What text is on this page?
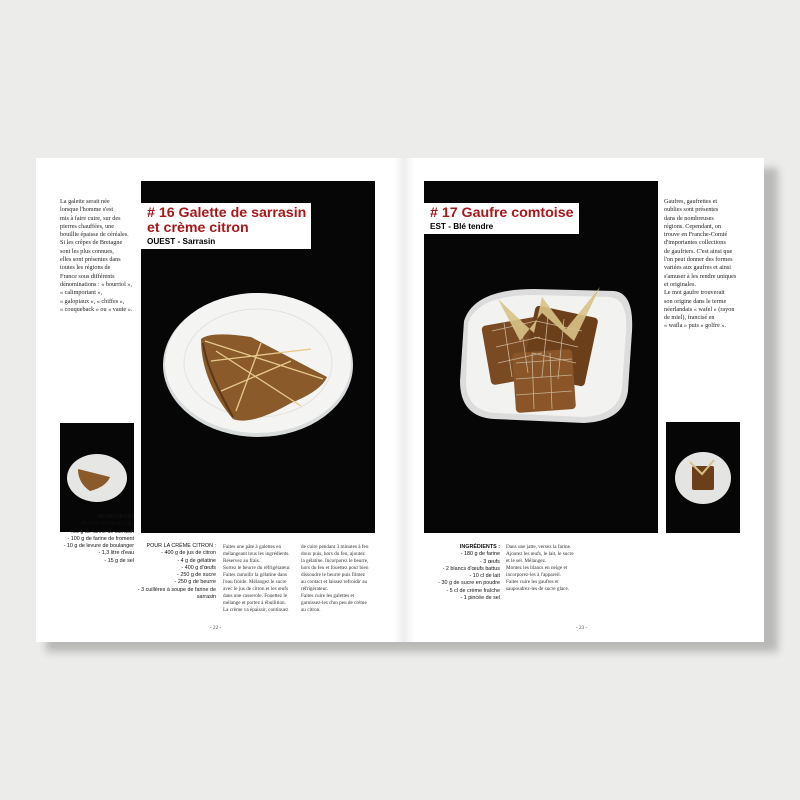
La galette serait née
lorsque l'homme s'est
mis à faire cuire, sur des
pierres chauffées, une
bouillie épaisse de céréales.
Si les crêpes de Bretagne
sont les plus connues,
elles sont présentes dans
toutes les régions de
France sous différents
dénominations : « bourriol »,
« calimportant »,
« galopiaux », « chiffes »,
« couqueback » ou « vaute ».
# 16 Galette de sarrasin
et crème citron
OUEST - Sarrasin
INGRÉDIENTS
POUR LA GALETTE :
- 400 g de farine de sarrasin
- 100 g de farine de froment
- 10 g de levure de boulanger
- 1,3 litre d'eau
- 15 g de sel
POUR LA CRÈME CITRON :
- 400 g de jus de citron
- 4 g de gélatine
- 400 g d'œufs
- 250 g de sucre
- 250 g de beurre
- 3 cuillères à soupe de farine de
sarrasin
Faites une pâte à galettes en
mélangeant tous les ingrédients.
Réservez au frais.
Sortez le beurre du réfrigérateur.
Faites ramollir la gélatine dans
l'eau froide. Mélangez le sucre
avec le jus de citron et les œufs
dans une casserole. Fouettez le
mélange et portez à ébullition.
La crème va épaissir, continuez
de cuire pendant 3 minutes à feu
doux puis, hors du feu, ajoutez
la gélatine. Incorporez le beurre,
hors du feu et fouettez pour bien
dissoudre le beurre puis filmez
au contact et laissez refroidir au
réfrigérateur.
Faites cuire les galettes et
garnissez-les d'un peu de crème
au citron.
- 22 -
# 17 Gaufre comtoise
EST - Blé tendre
Gaufres, gaufrettes et
oublies sont présentes
dans de nombreuses
régions. Cependant, on
trouve en Franche-Comté
d'importantes collections
de gaufriers. C'est ainsi que
l'on peut donner des formes
variées aux gaufres et ainsi
s'amuser à les rendre uniques
et originales.
Le mot gaufre trouverait
son origine dans le terme
néerlandais « wafel » (rayon
de miel), francisé en
« wafla » puis « golfre ».
INGRÉDIENTS :
- 180 g de farine
- 3 œufs
- 2 blancs d'œufs battus
- 10 cl de lait
- 30 g de sucre en poudre
- 5 cl de crème fraîche
- 1 pincée de sel
Dans une jatte, versez la farine.
Ajoutez les œufs, le lait, le sucre
et le sel. Mélangez.
Montez les blancs en neige et
incorporez-les à l'appareil.
Faites cuire les gaufres et
saupoudrez-les de sucre glace.
- 23 -
